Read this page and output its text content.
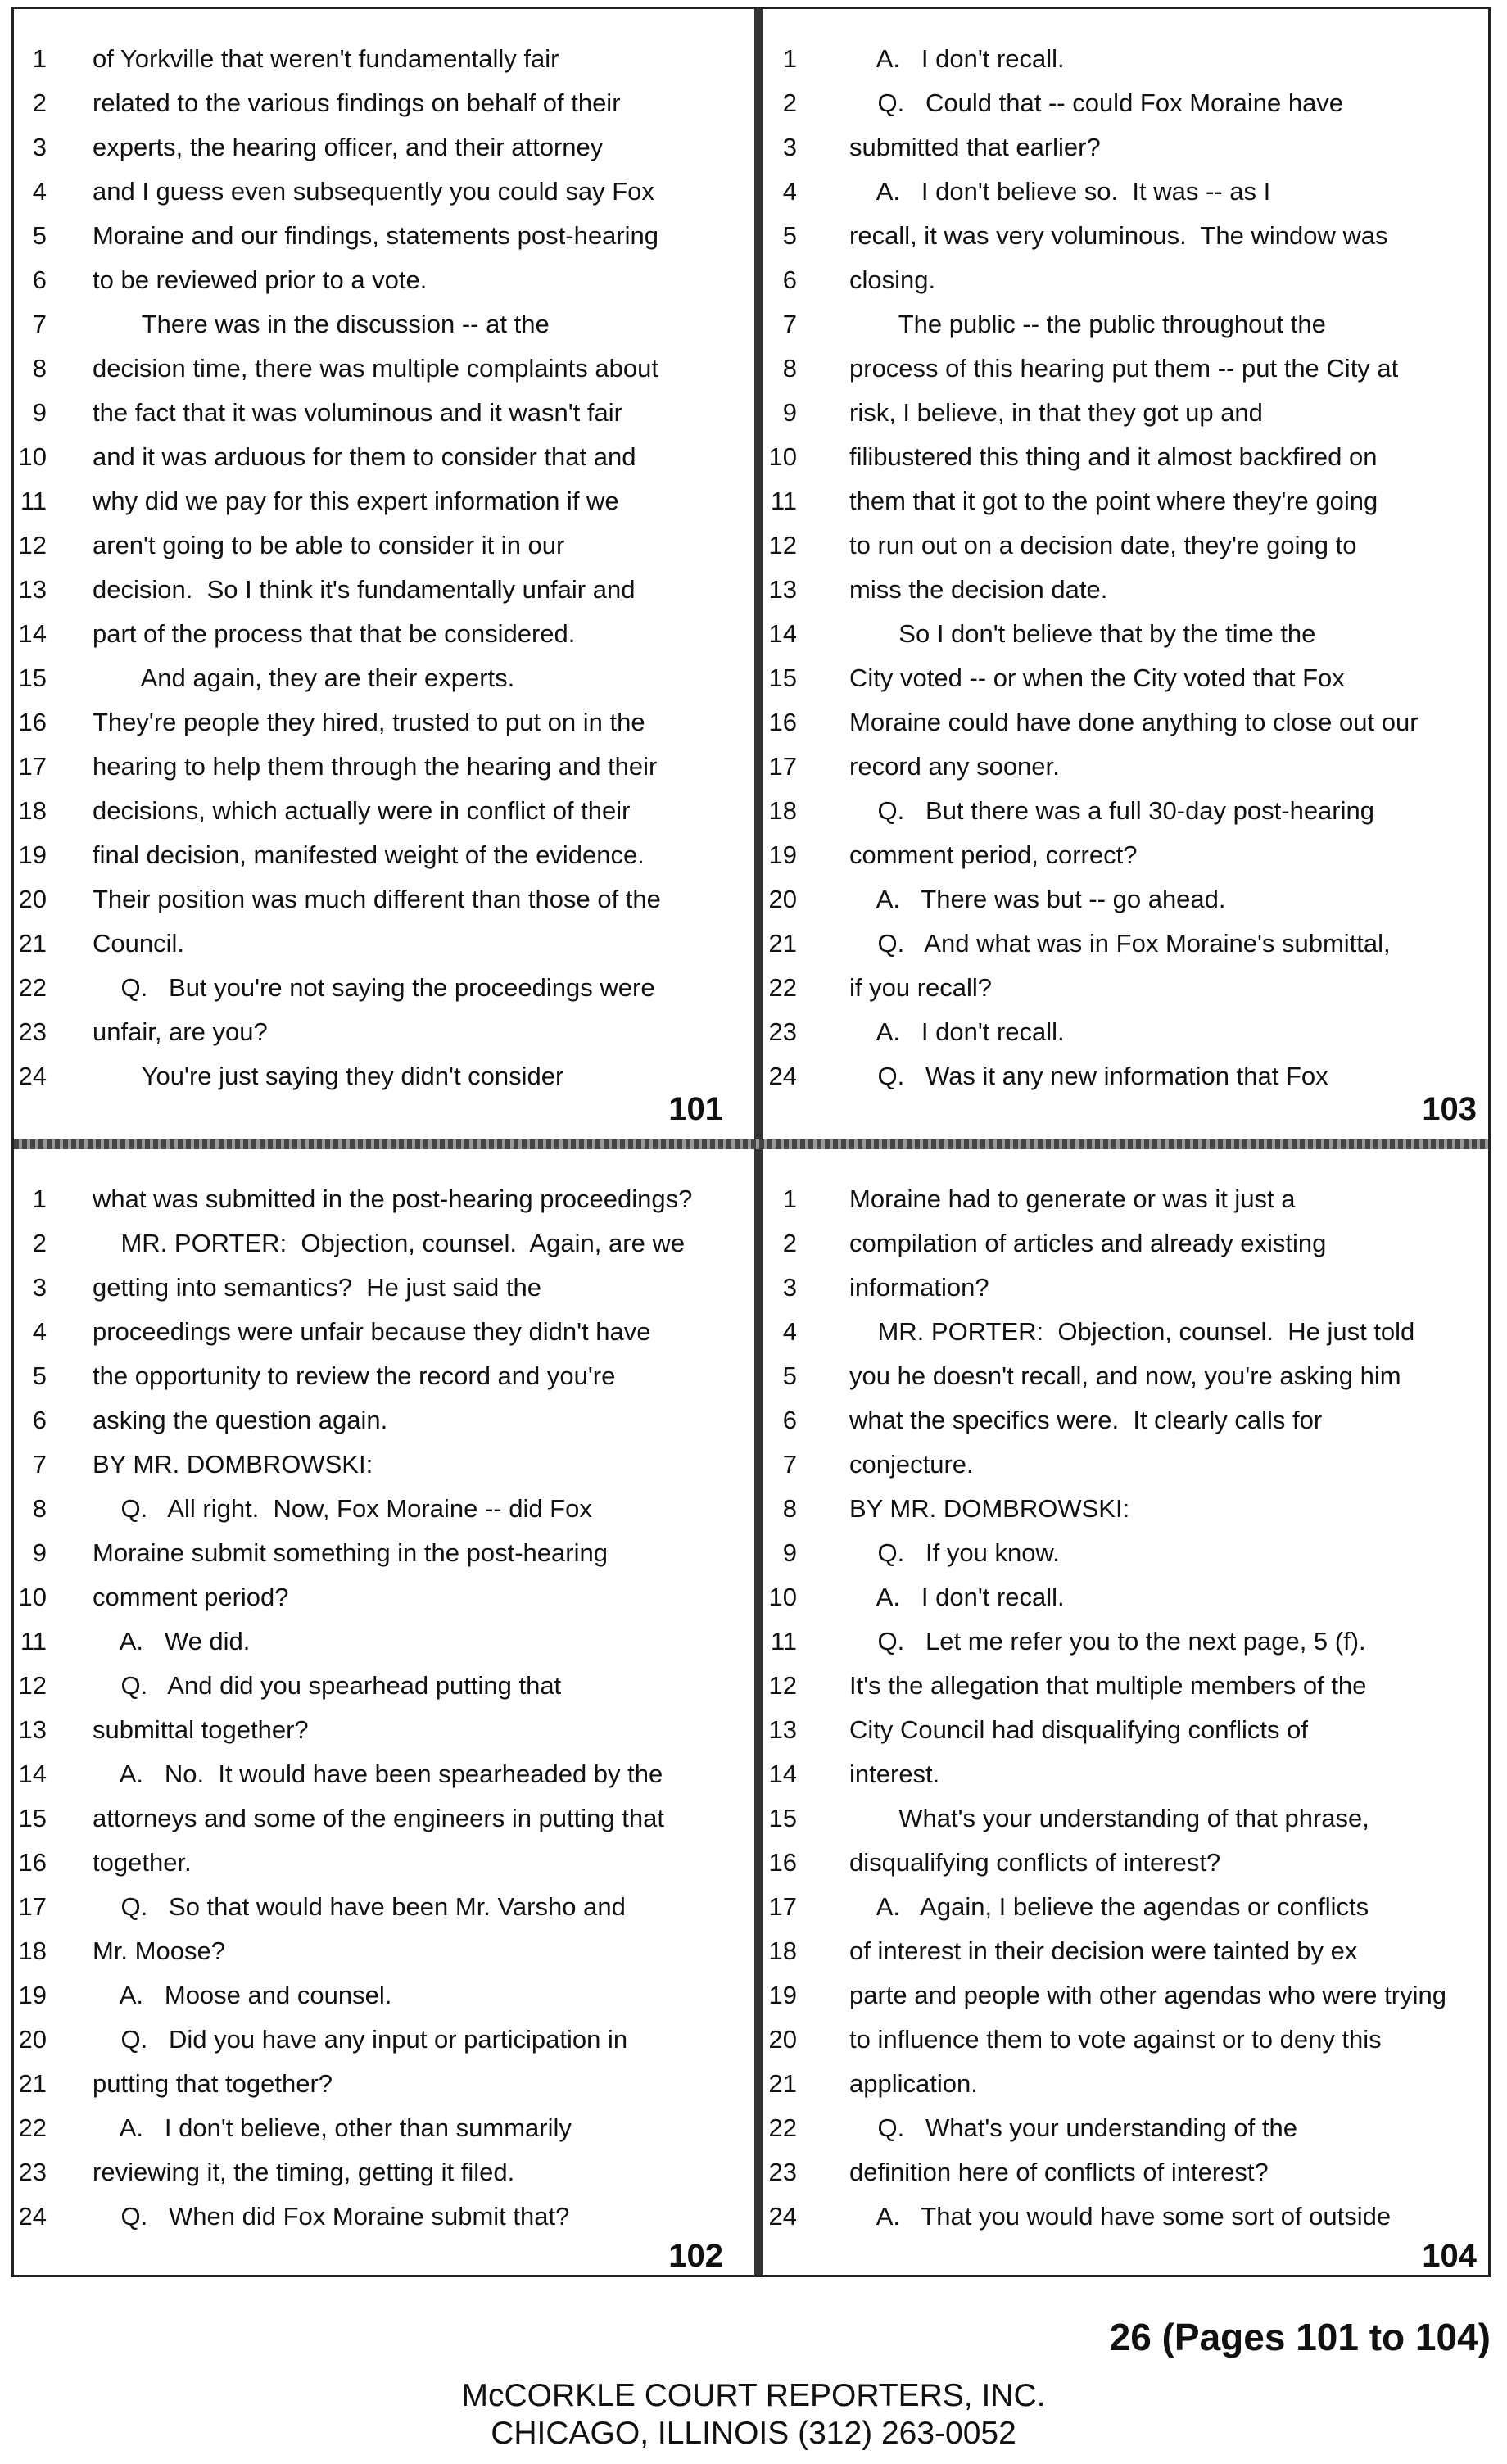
1 of Yorkville that weren't fundamentally fair
2 related to the various findings on behalf of their
3 experts, the hearing officer, and their attorney
4 and I guess even subsequently you could say Fox
5 Moraine and our findings, statements post-hearing
6 to be reviewed prior to a vote.
7 There was in the discussion -- at the
8 decision time, there was multiple complaints about
9 the fact that it was voluminous and it wasn't fair
10 and it was arduous for them to consider that and
11 why did we pay for this expert information if we
12 aren't going to be able to consider it in our
13 decision.  So I think it's fundamentally unfair and
14 part of the process that that be considered.
15 And again, they are their experts.
16 They're people they hired, trusted to put on in the
17 hearing to help them through the hearing and their
18 decisions, which actually were in conflict of their
19 final decision, manifested weight of the evidence.
20 Their position was much different than those of the
21 Council.
22 Q.   But you're not saying the proceedings were
23 unfair, are you?
24 You're just saying they didn't consider
101
1 A.   I don't recall.
2 Q.   Could that -- could Fox Moraine have
3 submitted that earlier?
4 A.   I don't believe so.  It was -- as I
5 recall, it was very voluminous.  The window was
6 closing.
7 The public -- the public throughout the
8 process of this hearing put them -- put the City at
9 risk, I believe, in that they got up and
10 filibustered this thing and it almost backfired on
11 them that it got to the point where they're going
12 to run out on a decision date, they're going to
13 miss the decision date.
14 So I don't believe that by the time the
15 City voted -- or when the City voted that Fox
16 Moraine could have done anything to close out our
17 record any sooner.
18 Q.   But there was a full 30-day post-hearing
19 comment period, correct?
20 A.   There was but -- go ahead.
21 Q.   And what was in Fox Moraine's submittal,
22 if you recall?
23 A.   I don't recall.
24 Q.   Was it any new information that Fox
103
1 what was submitted in the post-hearing proceedings?
2 MR. PORTER:  Objection, counsel.  Again, are we
3 getting into semantics?  He just said the
4 proceedings were unfair because they didn't have
5 the opportunity to review the record and you're
6 asking the question again.
7 BY MR. DOMBROWSKI:
8 Q.   All right.  Now, Fox Moraine -- did Fox
9 Moraine submit something in the post-hearing
10 comment period?
11 A.   We did.
12 Q.   And did you spearhead putting that
13 submittal together?
14 A.   No.  It would have been spearheaded by the
15 attorneys and some of the engineers in putting that
16 together.
17 Q.   So that would have been Mr. Varsho and
18 Mr. Moose?
19 A.   Moose and counsel.
20 Q.   Did you have any input or participation in
21 putting that together?
22 A.   I don't believe, other than summarily
23 reviewing it, the timing, getting it filed.
24 Q.   When did Fox Moraine submit that?
102
1 Moraine had to generate or was it just a
2 compilation of articles and already existing
3 information?
4 MR. PORTER:  Objection, counsel.  He just told
5 you he doesn't recall, and now, you're asking him
6 what the specifics were.  It clearly calls for
7 conjecture.
8 BY MR. DOMBROWSKI:
9 Q.   If you know.
10 A.   I don't recall.
11 Q.   Let me refer you to the next page, 5 (f).
12 It's the allegation that multiple members of the
13 City Council had disqualifying conflicts of
14 interest.
15 What's your understanding of that phrase,
16 disqualifying conflicts of interest?
17 A.   Again, I believe the agendas or conflicts
18 of interest in their decision were tainted by ex
19 parte and people with other agendas who were trying
20 to influence them to vote against or to deny this
21 application.
22 Q.   What's your understanding of the
23 definition here of conflicts of interest?
24 A.   That you would have some sort of outside
104
26 (Pages 101 to 104)
McCORKLE COURT REPORTERS, INC.
CHICAGO, ILLINOIS (312) 263-0052
